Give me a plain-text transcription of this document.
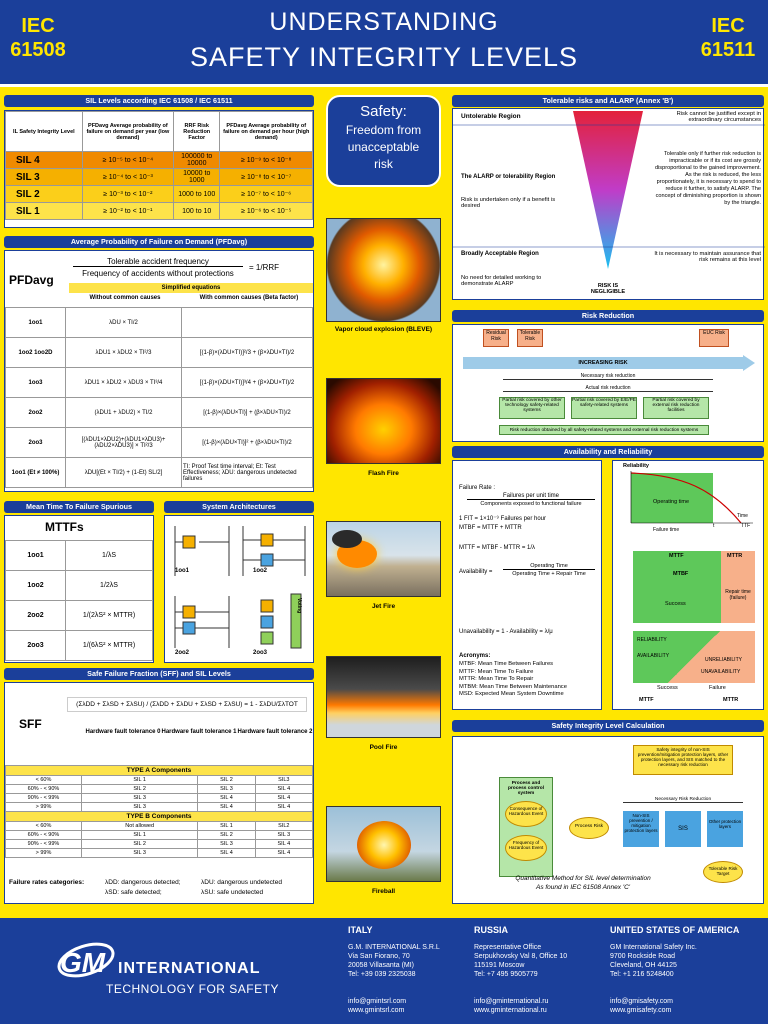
IEC
61508
UNDERSTANDING
SAFETY INTEGRITY LEVELS
IEC
61511
SIL Levels according IEC 61508 / IEC 61511
IL Safety Integrity Level	PFDavg Average probability of failure on demand per year (low demand)	RRF Risk Reduction Factor	PFDavg Average probability of failure on demand per hour (high demand)
SIL 4	≥ 10⁻⁵ to < 10⁻⁴	100000 to 10000	≥ 10⁻⁹ to < 10⁻⁸
SIL 3	≥ 10⁻⁴ to < 10⁻³	10000 to 1000	≥ 10⁻⁸ to < 10⁻⁷
SIL 2	≥ 10⁻³ to < 10⁻²	1000 to 100	≥ 10⁻⁷ to < 10⁻⁶
SIL 1	≥ 10⁻² to < 10⁻¹	100 to 10	≥ 10⁻⁶ to < 10⁻⁵
Safety:
Freedom from
unacceptable
risk
Vapor cloud explosion (BLEVE)
Flash Fire
Jet Fire
Pool Fire
Fireball
Tolerable risks and ALARP (Annex 'B')
Untolerable Region	Risk cannot be justified except in extraordinary circumstances
The ALARP or tolerability Region
Risk is undertaken only if a benefit is desired
Tolerable only if further risk reduction is impracticable or if its cost are grossly disproportional to the gained improvement. As the risk is reduced, the less proportionately, it is necessary to spend to reduce it further, to satisfy ALARP. The concept of diminishing proportion is shown by the triangle.
Broadly Acceptable Region
No need for detailed working to demonstrate ALARP
It is necessary to maintain assurance that risk remains at this level
RISK IS NEGLIGIBLE
Average Probability of Failure on Demand (PFDavg)
PFDavg
Tolerable accident frequency
Frequency of accidents without protections
= 1/RRF
Simplified equations
Without common causes	With common causes (Beta factor)
1oo1	λDU × TI/2	
1oo2 1oo2D	λDU1 × λDU2 × TI²/3	[(1-β)×(λDU×TI)]²/3 + (β×λDU×TI)/2
1oo3	λDU1 × λDU2 × λDU3 × TI³/4	[(1-β)×(λDU×TI)]³/4 + (β×λDU×TI)/2
2oo2	(λDU1 + λDU2) × TI/2	[(1-β)×(λDU×TI)] + (β×λDU×TI)/2
2oo3	[(λDU1×λDU2)+(λDU1×λDU3)+(λDU2×λDU3)] × TI²/3	[(1-β)×(λDU×TI)]² + (β×λDU×TI)/2
1oo1 (Et ≠ 100%)	λDU[(Et × TI/2) + (1-Et) SL/2]	TI: Proof Test time interval; Et: Test Effectiveness; λDU: dangerous undetected failures
Mean Time To Failure Spurious
MTTFs
1oo1	1/λS
1oo2	1/2λS
2oo2	1/(2λS² × MTTR)
2oo3	1/(6λS² × MTTR)
System Architectures
1oo1	1oo2
2oo2	2oo3
Voting
Safe Failure Fraction (SFF) and SIL Levels
SFF
(ΣλDD + ΣλSD + ΣλSU) / (ΣλDD + ΣλDU + ΣλSD + ΣλSU) = 1 - ΣλDU/ΣλTOT
Hardware fault tolerance 0 Hardware fault tolerance 1 Hardware fault tolerance 2
TYPE A Components			
< 60%	SIL 1	SIL 2	SIL3
60% - < 90%	SIL 2	SIL 3	SIL 4
90% - < 99%	SIL 3	SIL 4	SIL 4
> 99%	SIL 3	SIL 4	SIL 4
TYPE B Components			
< 60%	Not allowed	SIL 1	SIL2
60% - < 90%	SIL 1	SIL 2	SIL 3
90% - < 99%	SIL 2	SIL 3	SIL 4
> 99%	SIL 3	SIL 4	SIL 4
Failure rates categories:	λDD: dangerous detected;	λDU: dangerous undetected
λSD: safe detected;	λSU: safe undetected
Risk Reduction
Residual Risk
Tolerable Risk
EUC Risk
INCREASING RISK
Necessary risk reduction
Actual risk reduction
Partial risk covered by other technology safety-related systems
Partial risk covered by E/E/PE safety-related systems
Partial risk covered by external risk reduction facilities
Risk reduction obtained by all safety-related systems and external risk reduction systems
Availability and Reliability
Failure Rate :
Failures per unit time
Components exposed to functional failure
1 FIT = 1×10⁻⁹ Failures per hour
MTBF = MTTF + MTTR
MTTF = MTBF - MTTR = 1/λ
Availability =
Operating Time
Operating Time + Repair Time
Unavailability = 1 - Availability = λ/μ
Acronyms:
MTBF: Mean Time Between Failures
MTTF: Mean Time To Failure
MTTR: Mean Time To Repair
MTBM: Mean Time Between Maintenance
MSD: Expected Mean System Downtime
Reliability
Operating time
Failure time
Time
TTF
t
MTTF	MTTR
MTBF
Success
Repair time (failure)
RELIABILITY
AVAILABILITY
UNRELIABILITY
UNAVAILABILITY
Success	Failure
MTTF	MTTR
Safety Integrity Level Calculation
Safety integrity of non-SIS prevention/mitigation protection layers, other protection layers, and SIS matched to the necessary risk reduction
Process and process control system
Consequence of Hazardous Event
Frequency of Hazardous Event
Process Risk
Necessary Risk Reduction
Non-SIS prevention / mitigation protection layers	SIS
Other protection layers
Tolerable Risk Target
Quantitative Method for SIL level determination
As found in IEC 61508 Annex 'C'
GM INTERNATIONAL
TECHNOLOGY FOR SAFETY
ITALY
G.M. INTERNATIONAL S.R.L
Via San Fiorano, 70
20058 Villasanta (MI)
Tel: +39 039 2325038
info@gmintsrl.com
www.gmintsrl.com
RUSSIA
Representative Office
Serpukhovsky Val 8, Office 10
115191 Moscow
Tel: +7 495 9505779
info@gminternational.ru
www.gminternational.ru
UNITED STATES OF AMERICA
GM International Safety Inc.
9700 Rockside Road
Cleveland, OH 44125
Tel: +1 216 5248400
info@gmisafety.com
www.gmisafety.com
